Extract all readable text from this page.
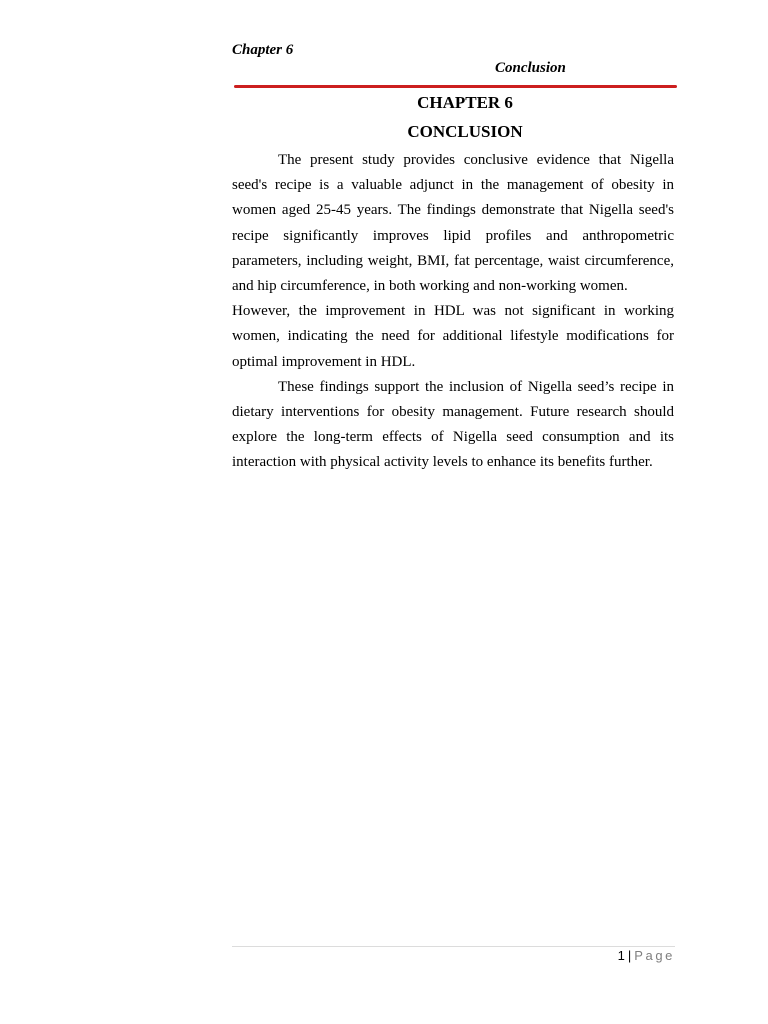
Chapter 6
Conclusion
CHAPTER 6
CONCLUSION

The present study provides conclusive evidence that Nigella seed's recipe is a valuable adjunct in the management of obesity in women aged 25-45 years. The findings demonstrate that Nigella seed's recipe significantly improves lipid profiles and anthropometric parameters, including weight, BMI, fat percentage, waist circumference, and hip circumference, in both working and non-working women.

However, the improvement in HDL was not significant in working women, indicating the need for additional lifestyle modifications for optimal improvement in HDL.

These findings support the inclusion of Nigella seed’s recipe in dietary interventions for obesity management. Future research should explore the long-term effects of Nigella seed consumption and its interaction with physical activity levels to enhance its benefits further.

1 | Page
